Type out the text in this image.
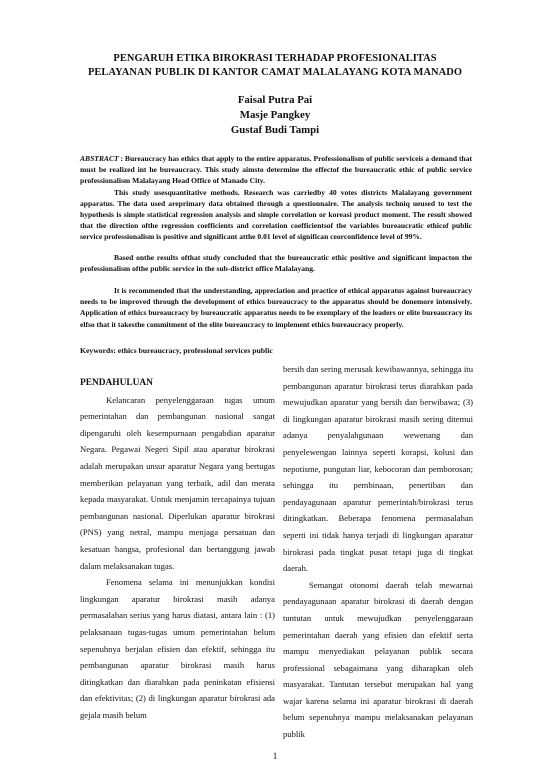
PENGARUH ETIKA BIROKRASI TERHADAP PROFESIONALITAS
PELAYANAN PUBLIK DI KANTOR CAMAT MALALAYANG KOTA MANADO
Faisal Putra Pai
Masje Pangkey
Gustaf Budi Tampi

ABSTRACT : Bureaucracy has ethics that apply to the entire apparatus. Professionalism of public serviceis a demand that must be realized int he bureaucracy. This study aimsto determine the effectof the bureaucratic ethic of public service professionalism Malalayang Head Office of Manado City.

This study usesquantitative methods. Research was carriedby 40 votes districts Malalayang government apparatus. The data used areprimary data obtained through a questionnaire. The analysis techniq ueused to test the hypothesis is simple statistical regression analysis and simple correlation or koreasi product moment. The result showed that the direction ofthe regression coefficients and correlation coefficientsof the variables bureaucratic ethicof public service professionalism is positive and significant atthe 0.01 level of significan ceorconfidence level of 99%.

Based onthe results ofthat study concluded that the bureaucratic ethic positive and significant impacton the professionalism ofthe public service in the sub-district office Malalayang.

It is recommended that the understanding, appreciation and practice of ethical apparatus against bureaucracy needs to be improved through the development of ethics bureaucracy to the apparatus should be donemore intensively. Application of ethics bureaucracy by bureaucratic apparatus needs to be exemplary of the leaders or elite bureaucracy its elfso that it takesthe commitment of the elite bureaucracy to implement ethics bureaucracy properly.

Keywords: ethics bureaucracy, professional services public

PENDAHULUAN

Kelancaran penyelenggaraan tugas umum pemerintahan dan pembangunan nasional sangat dipengaruhi oleh kesempurnaan pengabdian aparatur Negara. Pegawai Negeri Sipil atau aparatur birokrasi adalah merupakan unsur aparatur Negara yang bertugas memberikan pelayanan yang terbaik, adil dan merata kepada masyarakat. Untuk menjamin tercapainya tujuan pembangunan nasional. Diperlukan aparatur birokrasi (PNS) yang netral, mampu menjaga persatuan dan kesatuan bangsa, profesional dan bertanggung jawab dalam melaksanakan tugas.

Fenomena selama ini menunjukkan kondisi lingkungan aparatur birokrasi masih adanya permasalahan serius yang harus diatasi, antara lain : (1) pelaksanaan tugas-tugas umum pemerintahan belum sepenuhnya berjalan efisien dan efektif, sehingga itu pembangunan aparatur birokrasi masih harus ditingkatkan dan diarahkan pada peninkatan efisiensi dan efektivitas; (2) di lingkungan aparatur birokrasi ada gejala masih belum

bersih dan sering merusak kewibawannya, sehingga itu pembangunan aparatur birokrasi terus diarahkan pada mewujudkan aparatur yang bersih dan berwibawa; (3) di lingkungan aparatur birokrasi masih sering ditemui adanya penyalahgunaan wewenang dan penyelewengan lainnya seperti korapsi, kolusi dan nepotisme, pungutan liar, kebocoran dan pemborosan; sehingga itu pembinaan, penertiban dan pendayagunaan aparatur pemerintah/birokrasi terus ditingkatkan. Beberapa fenomena permasalahan seperti ini tidak hanya terjadi di lingkungan aparatur birokrasi pada tingkat pusat tetapi juga di tingkat daerah.

Semangat otonomi daerah telah mewarnai pendayagunaan aparatur birokrasi di daerah dengan tuntutan untuk mewujudkan penyelenggaraan pemerintahan daerah yang efisien dan efektif serta mampu menyediakan pelayanan publik secara professional sebagaimana yang diharapkan oleh masyarakat. Tantutan tersebut merupakan hal yang wajar karena selama ini aparatur birokrasi di daerah belum sepenuhnya mampu melaksanakan pelayanan publik

1
